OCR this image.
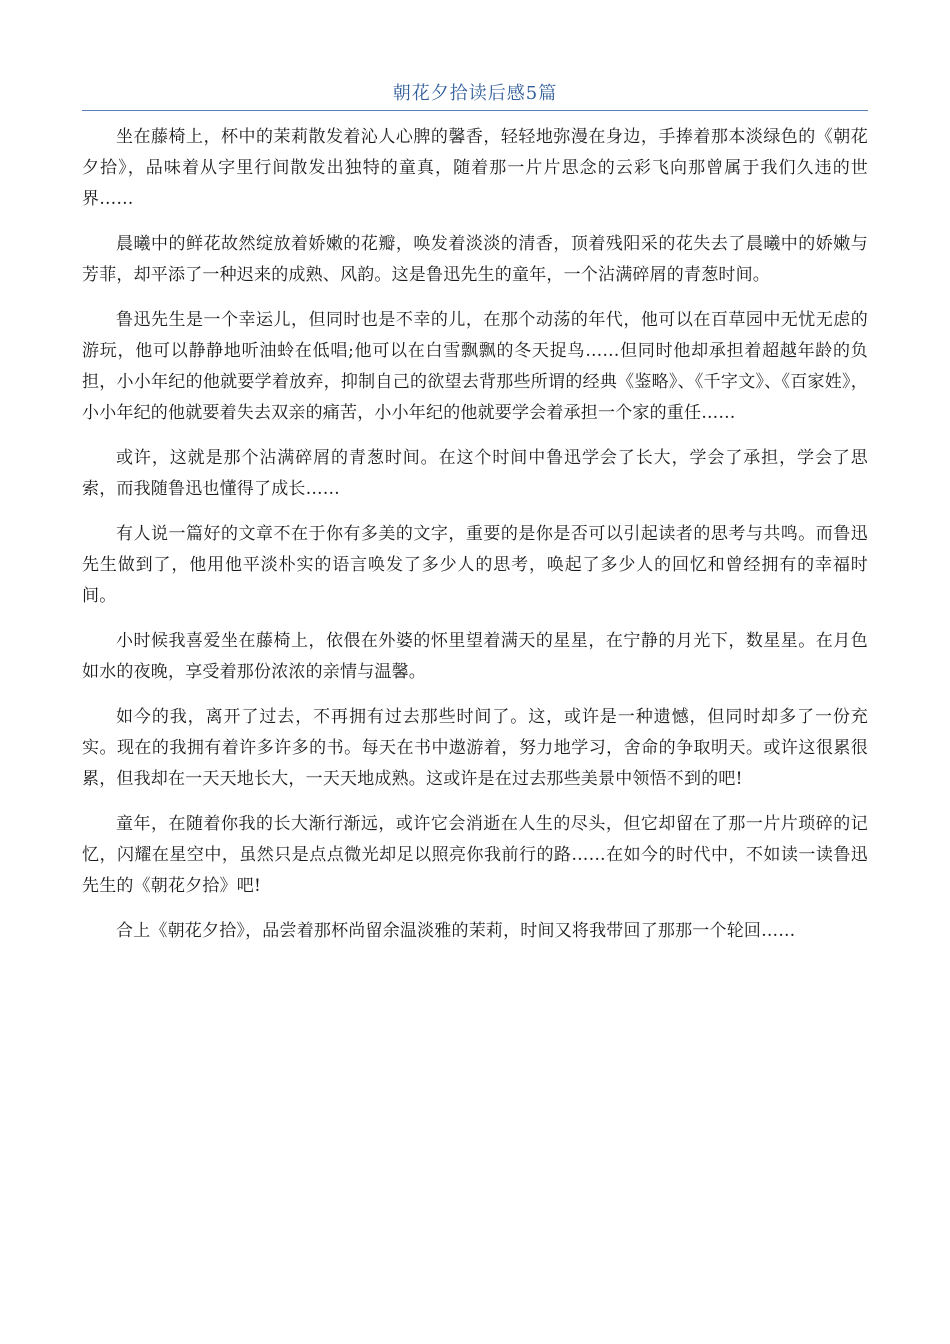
朝花夕拾读后感5篇

坐在藤椅上，杯中的茉莉散发着沁人心脾的馨香，轻轻地弥漫在身边，手捧着那本淡绿色的《朝花夕拾》，品味着从字里行间散发出独特的童真，随着那一片片思念的云彩飞向那曾属于我们久违的世界……

晨曦中的鲜花故然绽放着娇嫩的花瓣，唤发着淡淡的清香，顶着残阳采的花失去了晨曦中的娇嫩与芳菲，却平添了一种迟来的成熟、风韵。这是鲁迅先生的童年，一个沾满碎屑的青葱时间。

鲁迅先生是一个幸运儿，但同时也是不幸的儿，在那个动荡的年代，他可以在百草园中无忧无虑的游玩，他可以静静地听油蛉在低唱;他可以在白雪飘飘的冬天捉鸟……但同时他却承担着超越年龄的负担，小小年纪的他就要学着放弃，抑制自己的欲望去背那些所谓的经典《鉴略》、《千字文》、《百家姓》，小小年纪的他就要着失去双亲的痛苦，小小年纪的他就要学会着承担一个家的重任……

或许，这就是那个沾满碎屑的青葱时间。在这个时间中鲁迅学会了长大，学会了承担，学会了思索，而我随鲁迅也懂得了成长……

有人说一篇好的文章不在于你有多美的文字，重要的是你是否可以引起读者的思考与共鸣。而鲁迅先生做到了，他用他平淡朴实的语言唤发了多少人的思考，唤起了多少人的回忆和曾经拥有的幸福时间。

小时候我喜爱坐在藤椅上，依偎在外婆的怀里望着满天的星星，在宁静的月光下，数星星。在月色如水的夜晚，享受着那份浓浓的亲情与温馨。

如今的我，离开了过去，不再拥有过去那些时间了。这，或许是一种遗憾，但同时却多了一份充实。现在的我拥有着许多许多的书。每天在书中遨游着，努力地学习，舍命的争取明天。或许这很累很累，但我却在一天天地长大，一天天地成熟。这或许是在过去那些美景中领悟不到的吧!

童年，在随着你我的长大渐行渐远，或许它会消逝在人生的尽头，但它却留在了那一片片琐碎的记忆，闪耀在星空中，虽然只是点点微光却足以照亮你我前行的路……在如今的时代中，不如读一读鲁迅先生的《朝花夕拾》吧!

合上《朝花夕拾》，品尝着那杯尚留余温淡雅的茉莉，时间又将我带回了那那一个轮回……
